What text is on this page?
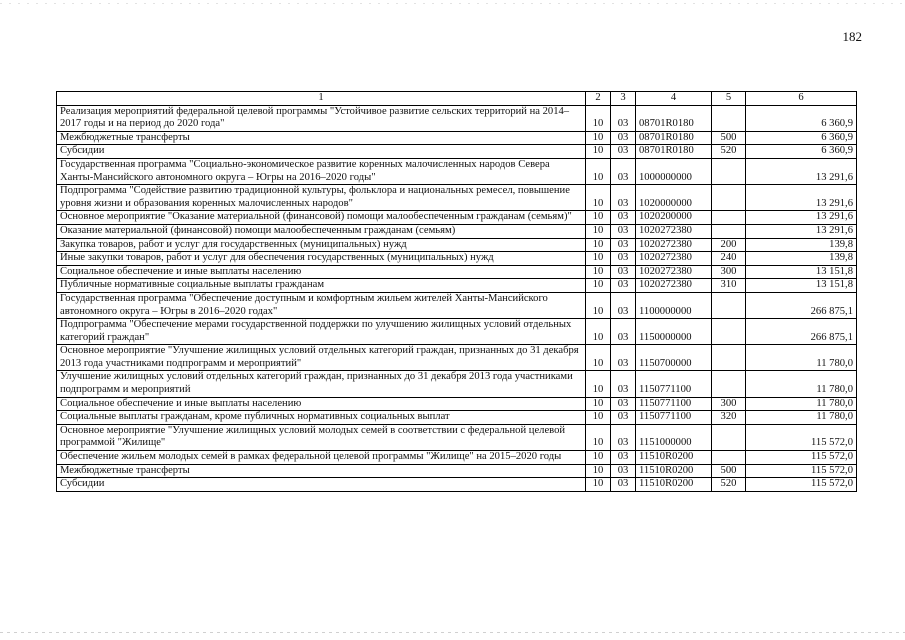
182
1	2	3	4	5	6
Реализация мероприятий федеральной целевой программы "Устойчивое развитие сельских территорий на 2014–2017 годы и на период до 2020 года"	10	03	08701R0180		6 360,9
Межбюджетные трансферты	10	03	08701R0180	500	6 360,9
Субсидии	10	03	08701R0180	520	6 360,9
Государственная программа "Социально-экономическое развитие коренных малочисленных народов Севера Ханты-Мансийского автономного округа – Югры на 2016–2020 годы"	10	03	1000000000		13 291,6
Подпрограмма "Содействие развитию традиционной культуры, фольклора и национальных ремесел, повышение уровня жизни и образования коренных малочисленных народов"	10	03	1020000000		13 291,6
Основное мероприятие "Оказание материальной (финансовой) помощи малообеспеченным гражданам (семьям)"	10	03	1020200000		13 291,6
Оказание материальной (финансовой) помощи малообеспеченным гражданам (семьям)	10	03	1020272380		13 291,6
Закупка товаров, работ и услуг для государственных (муниципальных) нужд	10	03	1020272380	200	139,8
Иные закупки товаров, работ и услуг для обеспечения государственных (муниципальных) нужд	10	03	1020272380	240	139,8
Социальное обеспечение и иные выплаты населению	10	03	1020272380	300	13 151,8
Публичные нормативные социальные выплаты гражданам	10	03	1020272380	310	13 151,8
Государственная программа "Обеспечение доступным и комфортным жильем жителей Ханты-Мансийского автономного округа – Югры в 2016–2020 годах"	10	03	1100000000		266 875,1
Подпрограмма "Обеспечение мерами государственной поддержки по улучшению жилищных условий отдельных категорий граждан"	10	03	1150000000		266 875,1
Основное мероприятие "Улучшение жилищных условий отдельных категорий граждан, признанных до 31 декабря 2013 года участниками подпрограмм и мероприятий"	10	03	1150700000		11 780,0
Улучшение жилищных условий отдельных категорий граждан, признанных до 31 декабря 2013 года участниками подпрограмм и мероприятий	10	03	1150771100		11 780,0
Социальное обеспечение и иные выплаты населению	10	03	1150771100	300	11 780,0
Социальные выплаты гражданам, кроме публичных нормативных социальных выплат	10	03	1150771100	320	11 780,0
Основное мероприятие "Улучшение жилищных условий молодых семей в соответствии с федеральной целевой программой "Жилище"	10	03	1151000000		115 572,0
Обеспечение жильем молодых семей в рамках федеральной целевой программы "Жилище" на 2015–2020 годы	10	03	11510R0200		115 572,0
Межбюджетные трансферты	10	03	11510R0200	500	115 572,0
Субсидии	10	03	11510R0200	520	115 572,0
